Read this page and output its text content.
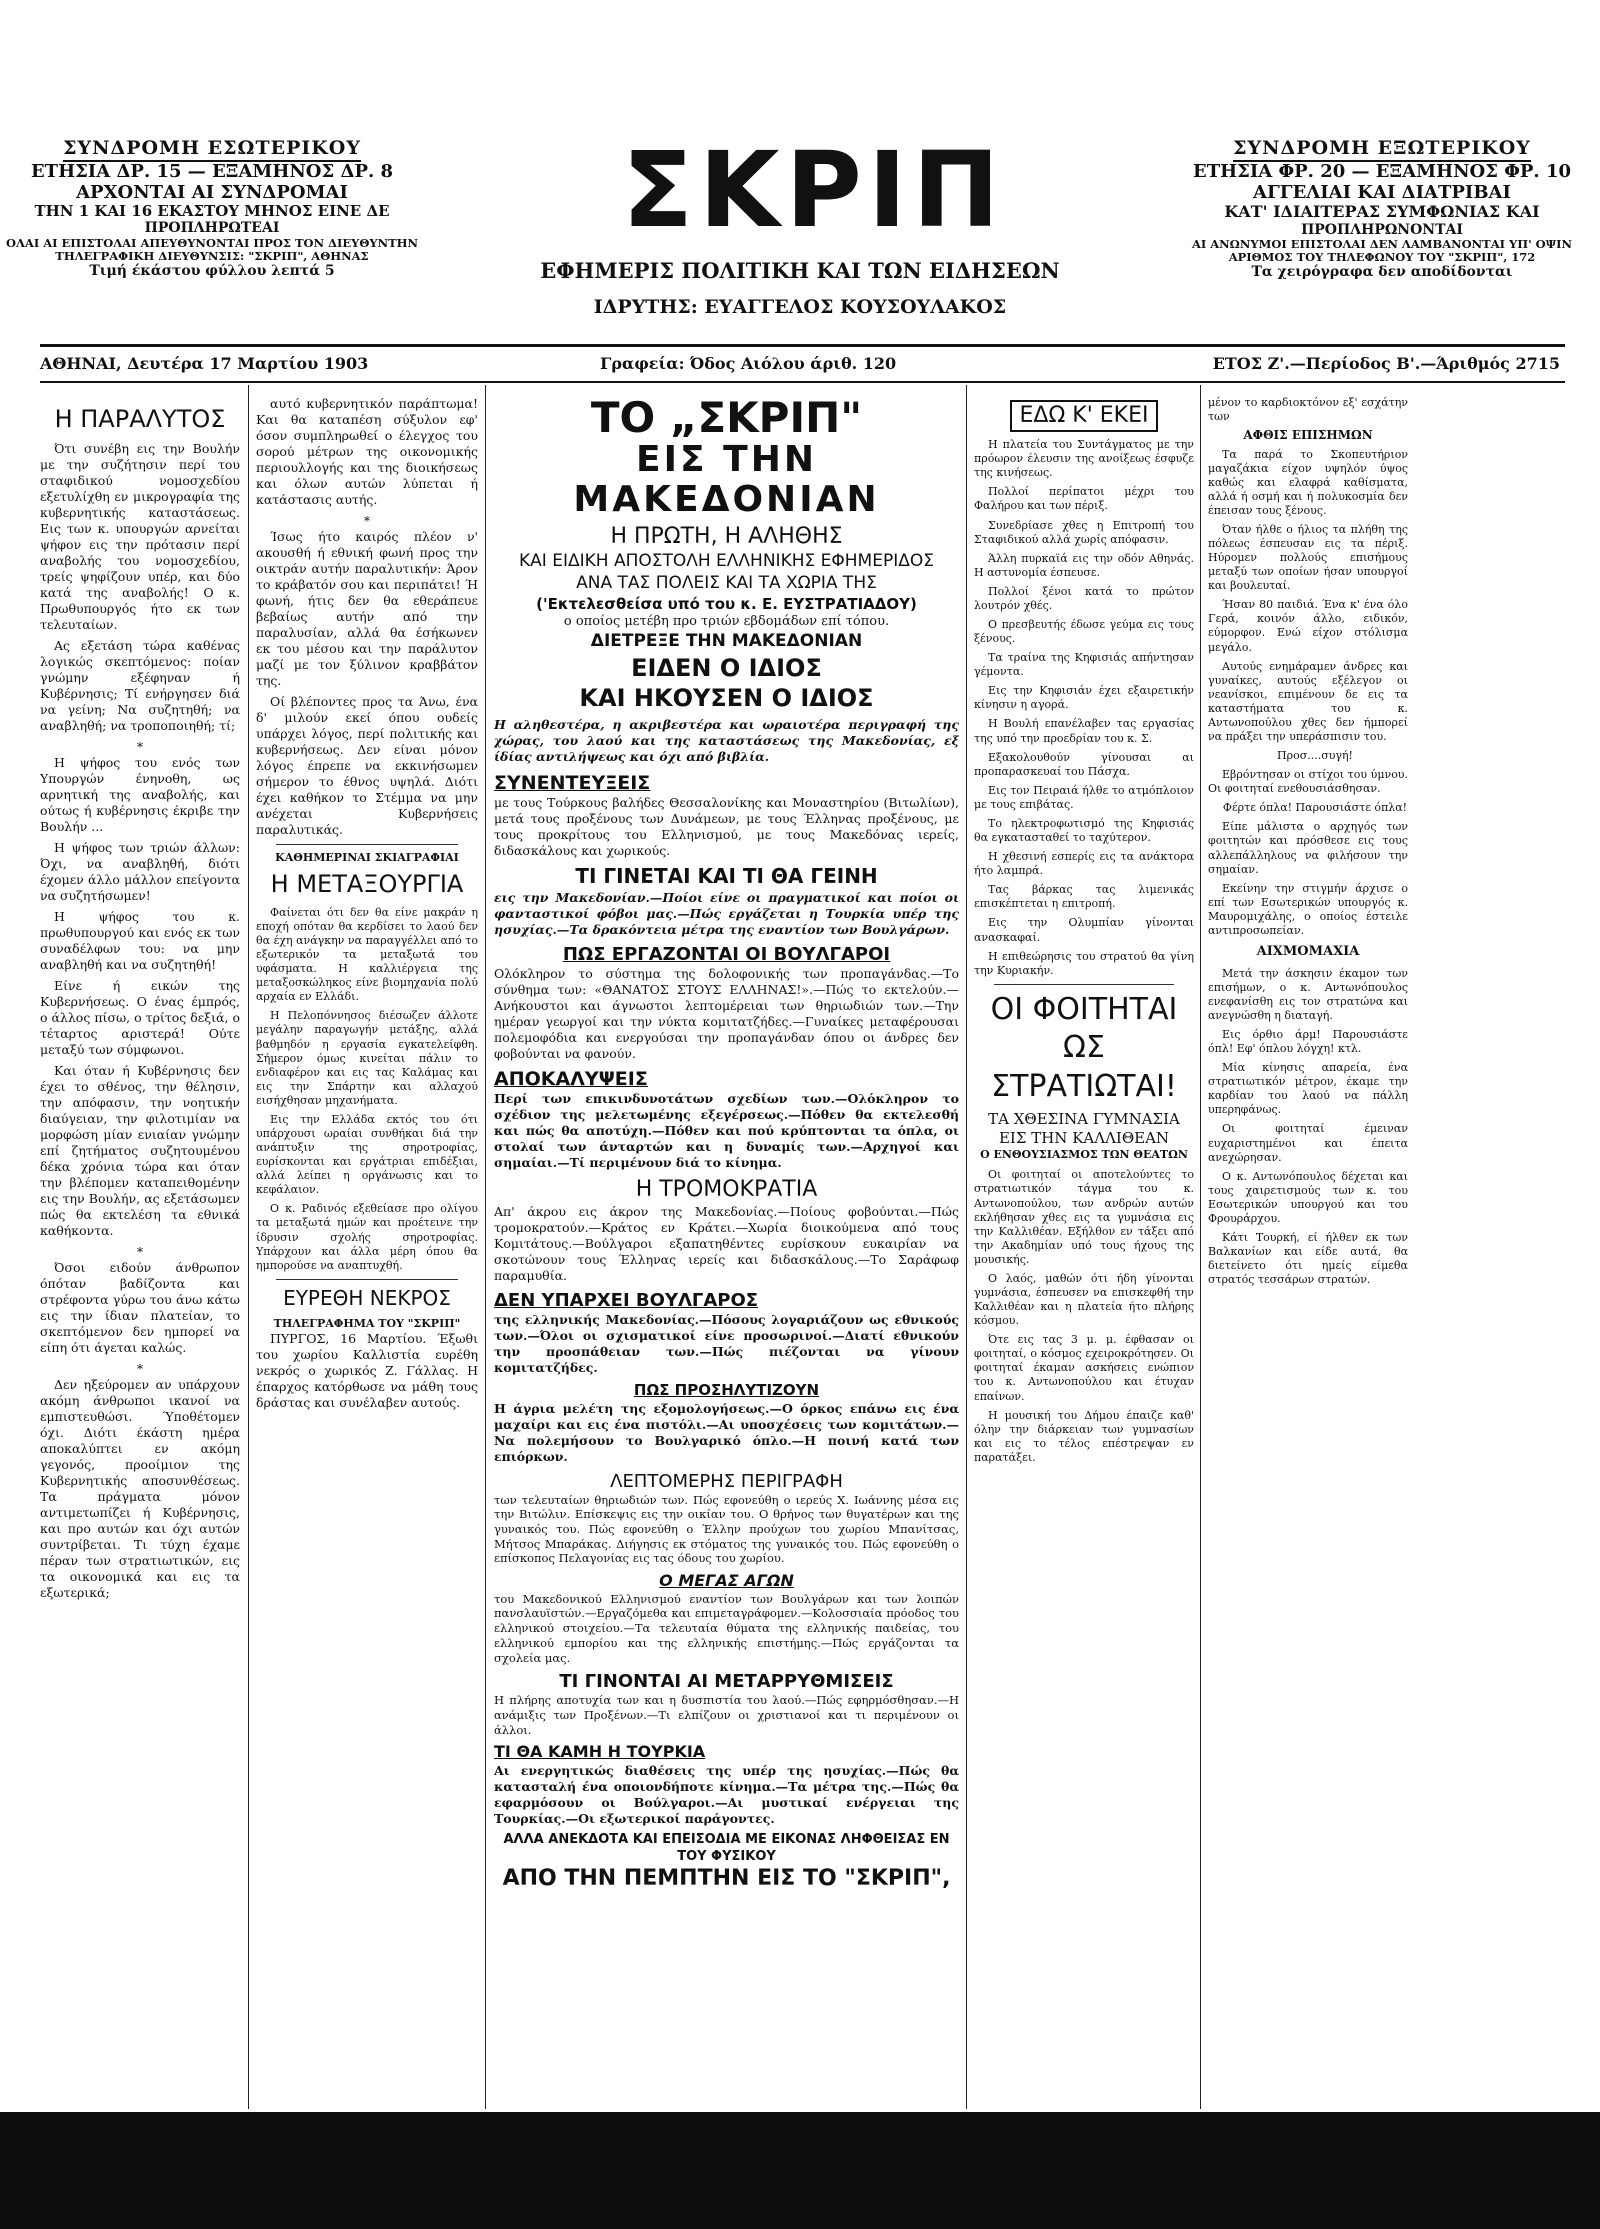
ΣΥΝΔΡΟΜΗ ΕΣΩΤΕΡΙΚΟΥ
ΕΤΗΣΙΑ ΔΡ. 15 — ΕΞΑΜΗΝΟΣ ΔΡ. 8
ΑΡΧΟΝΤΑΙ ΑΙ ΣΥΝΔΡΟΜΑΙ
ΤΗΝ 1 ΚΑΙ 16 ΕΚΑΣΤΟΥ ΜΗΝΟΣ ΕΙΝΕ ΔΕ
ΠΡΟΠΛΗΡΩΤΕΑΙ
ΟΛΑΙ ΑΙ ΕΠΙΣΤΟΛΑΙ ΑΠΕΥΘΥΝΟΝΤΑΙ ΠΡΟΣ ΤΟΝ ΔΙΕΥΘΥΝΤΗΝ
ΤΗΛΕΓΡΑΦΙΚΗ ΔΙΕΥΘΥΝΣΙΣ: "ΣΚΡΙΠ", ΑΘΗΝΑΣ
Τιμή έκάστου φύλλου λεπτά 5
ΣΚΡΙΠ
ΕΦΗΜΕΡΙΣ ΠΟΛΙΤΙΚΗ ΚΑΙ ΤΩΝ ΕΙΔΗΣΕΩΝ
ΙΔΡΥΤΗΣ: ΕΥΑΓΓΕΛΟΣ ΚΟΥΣΟΥΛΑΚΟΣ
ΣΥΝΔΡΟΜΗ ΕΞΩΤΕΡΙΚΟΥ
ΕΤΗΣΙΑ ΦΡ. 20 — ΕΞΑΜΗΝΟΣ ΦΡ. 10
ΑΓΓΕΛΙΑΙ ΚΑΙ ΔΙΑΤΡΙΒΑΙ
ΚΑΤ' ΙΔΙΑΙΤΕΡΑΣ ΣΥΜΦΩΝΙΑΣ ΚΑΙ
ΠΡΟΠΛΗΡΩΝΟΝΤΑΙ
ΑΙ ΑΝΩΝΥΜΟΙ ΕΠΙΣΤΟΛΑΙ ΔΕΝ ΛΑΜΒΑΝΟΝΤΑΙ ΥΠ' ΟΨΙΝ
ΑΡΙΘΜΟΣ ΤΟΥ ΤΗΛΕΦΩΝΟΥ ΤΟΥ "ΣΚΡΙΠ", 172
Τα χειρόγραφα δεν αποδίδονται
ΑΘΗΝΑΙ, Δευτέρα 17 Μαρτίου 1903	Γραφεία: Όδος Αιόλου άριθ. 120	ΕΤΟΣ Ζ'.—Περίοδος Β'.—Άριθμός 2715
Η ΠΑΡΑΛΥΤΟΣ

Ότι συνέβη εις την Βουλήν με την συζήτησιν περί του σταφιδικού νομοσχεδίου εξετυλίχθη εν μικρογραφία της κυβερνητικής καταστάσεως. Εις των κ. υπουργών αρνείται ψήφον εις την πρότασιν περί αναβολής του νομοσχεδίου, τρείς ψηφίζουν υπέρ, και δύο κατά της αναβολής! Ο κ. Πρωθυπουργός ήτο εκ των τελευταίων.

Ας εξετάση τώρα καθένας λογικώς σκεπτόμενος: ποίαν γνώμην εξέφηναν ή Κυβέρνησις; Τί ενήργησεν διά να γείνη; Να συζητηθή; να αναβληθή; να τροποποιηθή; τί;

*

Η ψήφος του ενός των Υπουργών ένηνοθη, ως αρνητική της αναβολής, και ούτως ή κυβέρνησις έκριβε την Βουλήν ...

Η ψήφος των τριών άλλων: Όχι, να αναβληθή, διότι έχομεν άλλο μάλλον επείγοντα να συζητήσωμεν!

Η ψήφος του κ. πρωθυπουργού και ενός εκ των συναδέλφων του: να μην αναβληθή και να συζητηθή!

Είνε ή εικών της Κυβερνήσεως. Ο ένας έμπρός, ο άλλος πίσω, ο τρίτος δεξιά, ο τέταρτος αριστερά! Ούτε μεταξύ των σύμφωνοι.

Και όταν ή Κυβέρνησις δεν έχει το σθένος, την θέλησιν, την απόφασιν, την νοητικήν διαύγειαν, την φιλοτιμίαν να μορφώση μίαν ενιαίαν γνώμην επί ζητήματος συζητουμένου δέκα χρόνια τώρα και όταν την βλέπομεν καταπειθομένην εις την Βουλήν, ας εξετάσωμεν πώς θα εκτελέση τα εθνικά καθήκοντα.

*

Όσοι ειδούν άνθρωπον όπόταν βαδίζοντα και στρέφοντα γύρω του άνω κάτω εις την ίδιαν πλατείαν, το σκεπτόμενον δεν ημπορεί να είπη ότι άγεται καλώς.

*

Δεν ηξεύρομεν αν υπάρχουν ακόμη άνθρωποι ικανοί να εμπιστευθώσι. Ύποθέτομεν όχι. Διότι έκάστη ημέρα αποκαλύπτει εν ακόμη γεγονός, προοίμιον της Κυβερνητικής αποσυνθέσεως. Τα πράγματα μόνον αντιμετωπίζει ή Κυβέρνησις, και προ αυτών και όχι αυτών συντρίβεται. Τι τύχη έχαμε πέραν των στρατιωτικών, εις τα οικονομικά και εις τα εξωτερικά;

αυτό κυβερνητικόν παράπτωμα! Και θα καταπέση σύξυλον εφ' όσον συμπληρωθεί ο έλεγχος του σορού μέτρων της οικονομικής περιουλλογής και της διοικήσεως και όλων αυτών λύπεται ή κατάστασις αυτής.

*

Ίσως ήτο καιρός πλέον ν' ακουσθή ή εθνική φωνή προς την οικτράν αυτήν παραλυτικήν: Άρον το κράβατόν σου και περιπάτει! Ή φωνή, ήτις δεν θα εθεράπευε βεβαίως αυτήν από την παραλυσίαν, αλλά θα έσήκωνεν εκ του μέσου και την παράλυτον μαζί με τον ξύλινον κραββάτον της.

Οί βλέποντες προς τα Άνω, ένα δ' μιλούν εκεί όπου ουδείς υπάρχει λόγος, περί πολιτικής και κυβερνήσεως. Δεν είναι μόνον λόγος έπρεπε να εκκινήσωμεν σήμερον το έθνος υψηλά. Διότι έχει καθήκον το Στέμμα να μην ανέχεται Κυβερνήσεις παραλυτικάς.

ΚΑΘΗΜΕΡΙΝΑΙ ΣΚΙΑΓΡΑΦΙΑΙ
Η ΜΕΤΑΞΟΥΡΓΙΑ

Φαίνεται ότι δεν θα είνε μακράν η εποχή οπόταν θα κερδίσει το λαού δεν θα έχη ανάγκην να παραγγέλλει από το εξωτερικόν τα μεταξωτά του υφάσματα. Η καλλιέργεια της μεταξοσκώληκος είνε βιομηχανία πολύ αρχαία εν Ελλάδι.

Η Πελοπόννησος διέσωζεν άλλοτε μεγάλην παραγωγήν μετάξης, αλλά βαθμηδόν η εργασία εγκατελείφθη. Σήμερον όμως κινείται πάλιν το ενδιαφέρον και εις τας Καλάμας και εις την Σπάρτην και αλλαχού εισήχθησαν μηχανήματα.

Εις την Ελλάδα εκτός του ότι υπάρχουσι ωραίαι συνθήκαι διά την ανάπτυξιν της σηροτροφίας, ευρίσκονται και εργάτριαι επιδέξιαι, αλλά λείπει η οργάνωσις και το κεφάλαιον.

Ο κ. Ραδινός εξεθείασε προ ολίγου τα μεταξωτά ημών και προέτεινε την ίδρυσιν σχολής σηροτροφίας. Υπάρχουν και άλλα μέρη όπου θα ημπορούσε να αναπτυχθή.

ΕΥΡΕΘΗ ΝΕΚΡΟΣ
ΤΗΛΕΓΡΑΦΗΜΑ ΤΟΥ "ΣΚΡΙΠ"

ΠΥΡΓΟΣ, 16 Μαρτίου. Έξωθι του χωρίου Καλλιστία ευρέθη νεκρός ο χωρικός Ζ. Γάλλας. Η έπαρχος κατόρθωσε να μάθη τους δράστας και συνέλαβεν αυτούς.

ΤΟ „ΣΚΡΙΠ"
ΕΙΣ ΤΗΝ ΜΑΚΕΔΟΝΙΑΝ
Η ΠΡΩΤΗ, Η ΑΛΗΘΗΣ
ΚΑΙ ΕΙΔΙΚΗ ΑΠΟΣΤΟΛΗ ΕΛΛΗΝΙΚΗΣ ΕΦΗΜΕΡΙΔΟΣ
ΑΝΑ ΤΑΣ ΠΟΛΕΙΣ ΚΑΙ ΤΑ ΧΩΡΙΑ ΤΗΣ
('Εκτελεσθείσα υπό του κ. Ε. ΕΥΣΤΡΑΤΙΑΔΟΥ)
ο οποίος μετέβη προ τριών εβδομάδων επί τόπου.
ΔΙΕΤΡΕΞΕ ΤΗΝ ΜΑΚΕΔΟΝΙΑΝ
ΕΙΔΕΝ Ο ΙΔΙΟΣ
ΚΑΙ ΗΚΟΥΣΕΝ Ο ΙΔΙΟΣ
Η αληθεστέρα, η ακριβεστέρα και ωραιοτέρα περιγραφή της χώρας, του λαού και της καταστάσεως της Μακεδονίας, εξ ίδίας αντιλήψεως και όχι από βιβλία.
ΣΥΝΕΝΤΕΥΞΕΙΣ
με τους Τούρκους βαλήδες Θεσσαλονίκης και Μοναστηρίου (Βιτωλίων), μετά τους προξένους των Δυνάμεων, με τους Έλληνας προξένους, με τους προκρίτους του Ελληνισμού, με τους Μακεδόνας ιερείς, διδασκάλους και χωρικούς.
ΤΙ ΓΙΝΕΤΑΙ ΚΑΙ ΤΙ ΘΑ ΓΕΙΝΗ
εις την Μακεδονίαν.—Ποίοι είνε οι πραγματικοί και ποίοι οι φανταστικοί φόβοι μας.—Πώς εργάζεται η Τουρκία υπέρ της ησυχίας.—Τα δρακόντεια μέτρα της εναντίον των Βουλγάρων.
ΠΩΣ ΕΡΓΑΖΟΝΤΑΙ ΟΙ ΒΟΥΛΓΑΡΟΙ
Ολόκληρον το σύστημα της δολοφονικής των προπαγάνδας.—Το σύνθημα των: «ΘΑΝΑΤΟΣ ΣΤΟΥΣ ΕΛΛΗΝΑΣ!».—Πώς το εκτελούν.—Ανήκουστοι και άγνωστοι λεπτομέρειαι των θηριωδιών των.—Την ημέραν γεωργοί και την νύκτα κομιτατζήδες.—Γυναίκες μεταφέρουσαι πολεμοφόδια και ενεργούσαι την προπαγάνδαν όπου οι άνδρες δεν φοβούνται να φανούν.
ΑΠΟΚΑΛΥΨΕΙΣ
Περί των επικινδυνοτάτων σχεδίων των.—Ολόκληρον το σχέδιον της μελετωμένης εξεγέρσεως.—Πόθεν θα εκτελεσθή και πώς θα αποτύχη.—Πόθεν και πού κρύπτονται τα όπλα, οι στολαί των άνταρτών και η δυναμίς των.—Αρχηγοί και σημαίαι.—Τί περιμένουν διά το κίνημα.
Η ΤΡΟΜΟΚΡΑΤΙΑ
Απ' άκρου εις άκρον της Μακεδονίας.—Ποίους φοβούνται.—Πώς τρομοκρατούν.—Κράτος εν Κράτει.—Χωρία διοικούμενα από τους Κομιτάτους.—Βούλγαροι εξαπατηθέντες ευρίσκουν ευκαιρίαν να σκοτώνουν τους Έλληνας ιερείς και διδασκάλους.—Το Σαράφωφ παραμυθία.
ΔΕΝ ΥΠΑΡΧΕΙ ΒΟΥΛΓΑΡΟΣ
της ελληνικής Μακεδονίας.—Πόσους λογαριάζουν ως εθνικούς των.—Όλοι οι σχισματικοί είνε προσωρινοί.—Διατί εθνικούν την προσπάθειαν των.—Πώς πιέζονται να γίνουν κομιτατζήδες.
ΠΩΣ ΠΡΟΣΗΛΥΤΙΖΟΥΝ
Η άγρια μελέτη της εξομολογήσεως.—Ο όρκος επάνω εις ένα μαχαίρι και εις ένα πιστόλι.—Αι υποσχέσεις των κομιτάτων.—Να πολεμήσουν το Βουλγαρικό όπλο.—Η ποινή κατά των επιόρκων.
ΛΕΠΤΟΜΕΡΗΣ ΠΕΡΙΓΡΑΦΗ
των τελευταίων θηριωδιών των. Πώς εφονεύθη ο ιερεύς Χ. Ιωάννης μέσα εις την Βιτώλιν. Επίσκεψις εις την οικίαν του. Ο θρήνος των θυγατέρων και της γυναικός του. Πώς εφονεύθη ο Έλλην προύχων του χωρίου Μπανίτσας, Μήτσος Μπαράκας. Διήγησις εκ στόματος της γυναικός του. Πώς εφονεύθη ο επίσκοπος Πελαγονίας εις τας όδους του χωρίου.
Ο ΜΕΓΑΣ ΑΓΩΝ
του Μακεδονικού Ελληνισμού εναντίον των Βουλγάρων και των λοιπών πανσλαυϊστών.—Εργαζόμεθα και επιμεταγράφομεν.—Κολοσσιαία πρόοδος του ελληνικού στοιχείου.—Τα τελευταία θύματα της ελληνικής παιδείας, του ελληνικού εμπορίου και της ελληνικής επιστήμης.—Πώς εργάζονται τα σχολεία μας.
ΤΙ ΓΙΝΟΝΤΑΙ ΑΙ ΜΕΤΑΡΡΥΘΜΙΣΕΙΣ
Η πλήρης αποτυχία των και η δυσπιστία του λαού.—Πώς εφηρμόσθησαν.—Η ανάμιξις των Προξένων.—Τι ελπίζουν οι χριστιανοί και τι περιμένουν οι άλλοι.
ΤΙ ΘΑ ΚΑΜΗ Η ΤΟΥΡΚΙΑ
Αι ενεργητικώς διαθέσεις της υπέρ της ησυχίας.—Πώς θα κατασταλή ένα οποιονδήποτε κίνημα.—Τα μέτρα της.—Πώς θα εφαρμόσουν οι Βούλγαροι.—Αι μυστικαί ενέργειαι της Τουρκίας.—Οι εξωτερικοί παράγοντες.
ΑΛΛΑ ΑΝΕΚΔΟΤΑ ΚΑΙ ΕΠΕΙΣΟΔΙΑ ΜΕ ΕΙΚΟΝΑΣ ΛΗΦΘΕΙΣΑΣ ΕΝ ΤΟΥ ΦΥΣΙΚΟΥ
ΑΠΟ ΤΗΝ ΠΕΜΠΤΗΝ ΕΙΣ ΤΟ "ΣΚΡΙΠ",
ΕΔΩ Κ' ΕΚΕΙ

Η πλατεία του Συντάγματος με την πρόωρον έλευσιν της ανοίξεως έσφυζε της κινήσεως.

Πολλοί περίπατοι μέχρι του Φαλήρου και των πέριξ.

Συνεδρίασε χθες η Επιτροπή του Σταφιδικού αλλά χωρίς απόφασιν.

Άλλη πυρκαϊά εις την οδόν Αθηνάς. Η αστυνομία έσπευσε.

Πολλοί ξένοι κατά το πρώτον λουτρόν χθές.

Ο πρεσβευτής έδωσε γεύμα εις τους ξένους.

Τα τραίνα της Κηφισιάς απήντησαν γέμοντα.

Εις την Κηφισιάν έχει εξαιρετικήν κίνησιν η αγορά.

Η Βουλή επανέλαβεν τας εργασίας της υπό την προεδρίαν του κ. Σ.

Εξακολουθούν γίνουσαι αι προπαρασκευαί του Πάσχα.

Εις τον Πειραιά ήλθε το ατμόπλοιον με τους επιβάτας.

Το ηλεκτροφωτισμό της Κηφισιάς θα εγκατασταθεί το ταχύτερον.

Η χθεσινή εσπερίς εις τα ανάκτορα ήτο λαμπρά.

Τας βάρκας τας λιμενικάς επισκέπτεται η επιτροπή.

Εις την Ολυμπίαν γίνονται ανασκαφαί.

Η επιθεώρησις του στρατού θα γίνη την Κυριακήν.

ΟΙ ΦΟΙΤΗΤΑΙ
ΩΣ ΣΤΡΑΤΙΩΤΑΙ!
ΤΑ ΧΘΕΣΙΝΑ ΓΥΜΝΑΣΙΑ
ΕΙΣ ΤΗΝ ΚΑΛΛΙΘΕΑΝ
Ο ΕΝΘΟΥΣΙΑΣΜΟΣ ΤΩΝ ΘΕΑΤΩΝ

Οι φοιτηταί οι αποτελούντες το στρατιωτικόν τάγμα του κ. Αντωνοπούλου, των ανδρών αυτών εκλήθησαν χθες εις τα γυμνάσια εις την Καλλιθέαν. Εξήλθον εν τάξει από την Ακαδημίαν υπό τους ήχους της μουσικής.

Ο λαός, μαθών ότι ήδη γίνονται γυμνάσια, έσπευσεν να επισκεφθή την Καλλιθέαν και η πλατεία ήτο πλήρης κόσμου.

Ότε εις τας 3 μ. μ. έφθασαν οι φοιτηταί, ο κόσμος εχειροκρότησεν. Οι φοιτηταί έκαμαν ασκήσεις ενώπιον του κ. Αντωνοπούλου και έτυχαν επαίνων.

Η μουσική του Δήμου έπαιζε καθ' όλην την διάρκειαν των γυμνασίων και εις το τέλος επέστρεψαν εν παρατάξει.

μένον το καρδιοκτόνον εξ' εσχάτην των
ΑΦΘΙΣ ΕΠΙΣΗΜΩΝ

Τα παρά το Σκοπευτήριον μαγαζάκια είχον υψηλόν ύψος καθώς και ελαφρά καθίσματα, αλλά ή οσμή και ή πολυκοσμία δεν έπεισαν τους ξένους.

Όταν ήλθε ο ήλιος τα πλήθη της πόλεως έσπευσαν εις τα πέριξ. Ηύρομεν πολλούς επισήμους μεταξύ των οποίων ήσαν υπουργοί και βουλευταί.

Ήσαν 80 παιδιά. Ένα κ' ένα όλο Γερά, κοινόν άλλο, ειδικόν, εύμορφον. Ενώ είχον στόλισμα μεγάλο.

Αυτούς ενημάραμεν άνδρες και γυναίκες, αυτούς εξέλεγον οι νεανίσκοι, επιμένουν δε εις τα καταστήματα του κ. Αντωνοπούλου χθες δεν ήμπορεί να πράξει την υπεράσπισιν του.

Προσ....συγή!

Εβρόντησαν οι στίχοι του ύμνου. Οι φοιτηταί ενεθουσιάσθησαν.

Φέρτε όπλα! Παρουσιάστε όπλα!

Είπε μάλιστα ο αρχηγός των φοιτητών και πρόσθεσε εις τους αλλεπάλληλους να φιλήσουν την σημαίαν.

Εκείνην την στιγμήν άρχισε ο επί των Εσωτερικών υπουργός κ. Μαυρομιχάλης, ο οποίος έστειλε αντιπροσωπείαν.

ΑΙΧΜΟΜΑΧΙΑ

Μετά την άσκησιν έκαμον των επισήμων, ο κ. Αντωνόπουλος ενεφανίσθη εις τον στρατώνα και ανεγνώσθη η διαταγή.

Εις όρθιο άρμ! Παρουσιάστε όπλ! Εφ' όπλου λόγχη! κτλ.

Μία κίνησις απαρεία, ένα στρατιωτικόν μέτρον, έκαμε την καρδίαν του λαού να πάλλη υπερηφάνως.

Οι φοιτηταί έμειναν ευχαριστημένοι και έπειτα ανεχώρησαν.

Ο κ. Αντωνόπουλος δέχεται και τους χαιρετισμούς των κ. του Εσωτερικών υπουργού και του Φρουράρχου.

Κάτι Τουρκή, εί ήλθεν εκ των Βαλκανίων και είδε αυτά, θα διετείνετο ότι ημείς είμεθα στρατός τεσσάρων στρατών.
